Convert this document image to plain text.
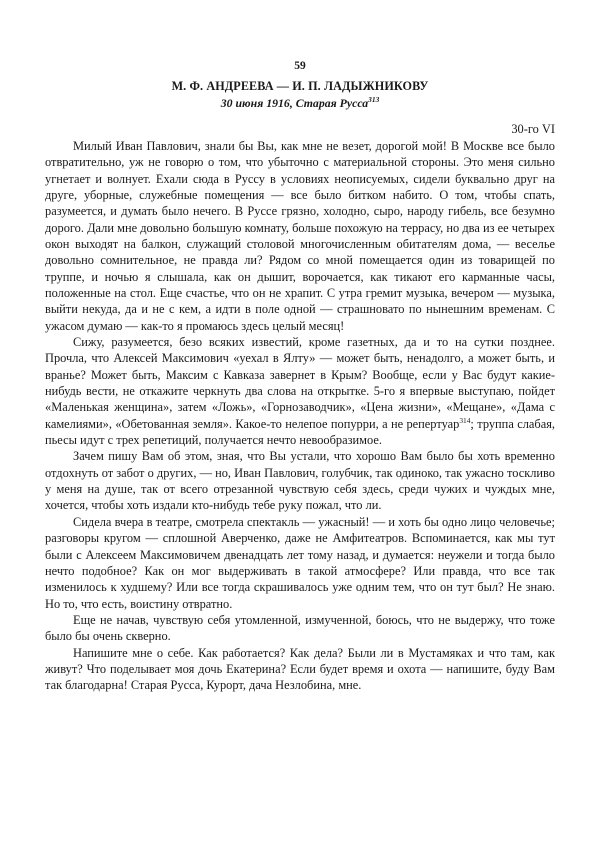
59
М. Ф. АНДРЕЕВА — И. П. ЛАДЫЖНИКОВУ
30 июня 1916, Старая Русса$^{313}$
30-го VI

Милый Иван Павлович, знали бы Вы, как мне не везет, дорогой мой! В Москве все было отвратительно, уж не говорю о том, что убыточно с материальной стороны. Это меня сильно угнетает и волнует. Ехали сюда в Руссу в условиях неописуемых, сидели буквально друг на друге, уборные, служебные помещения — все было битком набито. О том, чтобы спать, разумеется, и думать было нечего. В Руссе грязно, холодно, сыро, народу гибель, все безумно дорого. Дали мне довольно большую комнату, больше похожую на террасу, но два из ее четырех окон выходят на балкон, служащий столовой многочисленным обитателям дома, — веселье довольно сомнительное, не правда ли? Рядом со мной помещается один из товарищей по труппе, и ночью я слышала, как он дышит, ворочается, как тикают его карманные часы, положенные на стол. Еще счастье, что он не храпит. С утра гремит музыка, вечером — музыка, выйти некуда, да и не с кем, а идти в поле одной — страшновато по нынешним временам. С ужасом думаю — как-то я промаюсь здесь целый месяц!

Сижу, разумеется, безо всяких известий, кроме газетных, да и то на сутки позднее. Прочла, что Алексей Максимович «уехал в Ялту» — может быть, ненадолго, а может быть, и вранье? Может быть, Максим с Кавказа завернет в Крым? Вообще, если у Вас будут какие-нибудь вести, не откажите черкнуть два слова на открытке. 5-го я впервые выступаю, пойдет «Маленькая женщина», затем «Ложь», «Горнозаводчик», «Цена жизни», «Мещане», «Дама с камелиями», «Обетованная земля». Какое-то нелепое попурри, а не репертуар$^{314}$; труппа слабая, пьесы идут с трех репетиций, получается нечто невообразимое.

Зачем пишу Вам об этом, зная, что Вы устали, что хорошо Вам было бы хоть временно отдохнуть от забот о других, — но, Иван Павлович, голубчик, так одиноко, так ужасно тоскливо у меня на душе, так от всего отрезанной чувствую себя здесь, среди чужих и чуждых мне, хочется, чтобы хоть издали кто-нибудь тебе руку пожал, что ли.

Сидела вчера в театре, смотрела спектакль — ужасный! — и хоть бы одно лицо человечье; разговоры кругом — сплошной Аверченко, даже не Амфитеатров. Вспоминается, как мы тут были с Алексеем Максимовичем двенадцать лет тому назад, и думается: неужели и тогда было нечто подобное? Как он мог выдерживать в такой атмосфере? Или правда, что все так изменилось к худшему? Или все тогда скрашивалось уже одним тем, что он тут был? Не знаю. Но то, что есть, воистину отвратно.

Еще не начав, чувствую себя утомленной, измученной, боюсь, что не выдержу, что тоже было бы очень скверно.

Напишите мне о себе. Как работается? Как дела? Были ли в Мустамяках и что там, как живут? Что поделывает моя дочь Екатерина? Если будет время и охота — напишите, буду Вам так благодарна! Старая Русса, Курорт, дача Незлобина, мне.
